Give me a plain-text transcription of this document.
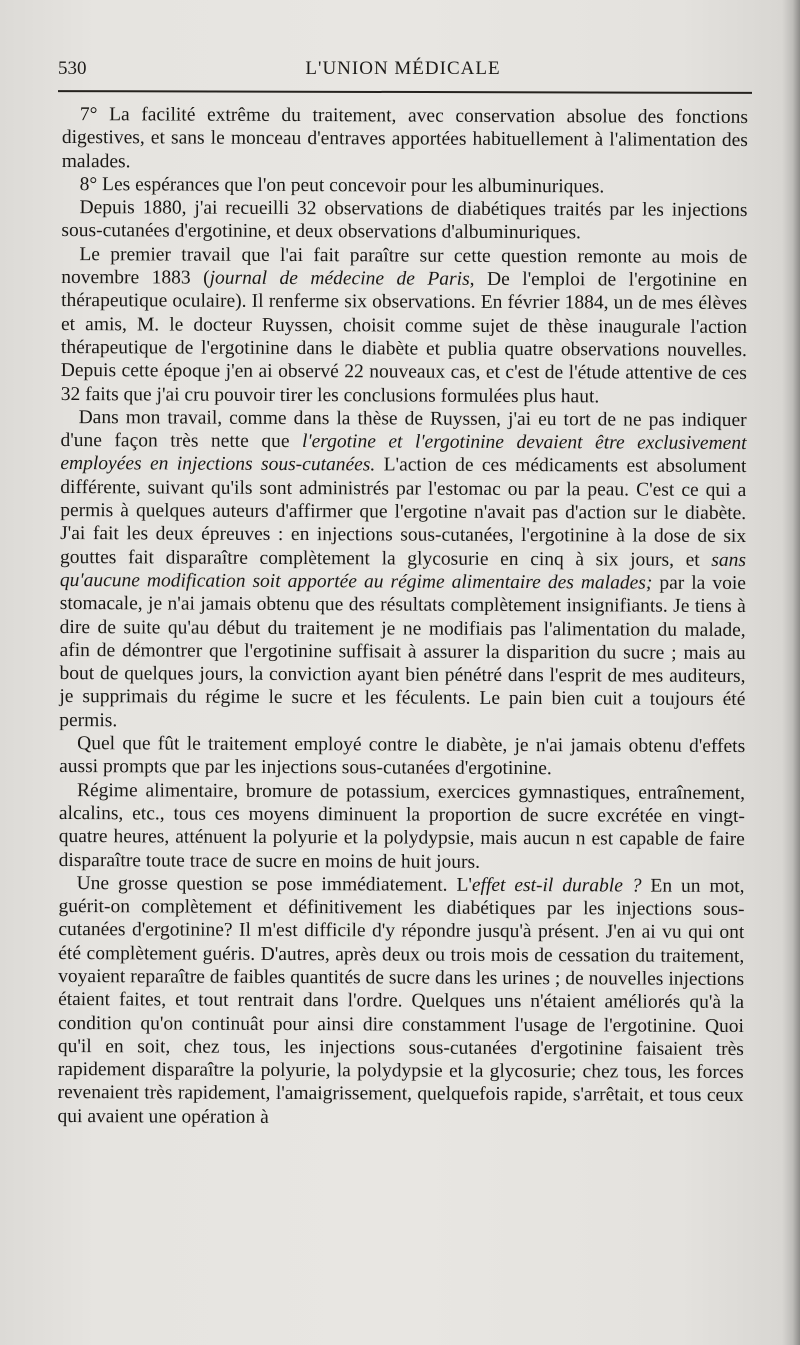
530	L'UNION MÉDICALE

7° La facilité extrême du traitement, avec conservation absolue des fonctions digestives, et sans le monceau d'entraves apportées habituellement à l'alimentation des malades.

8° Les espérances que l'on peut concevoir pour les albuminuriques.

Depuis 1880, j'ai recueilli 32 observations de diabétiques traités par les injections sous-cutanées d'ergotinine, et deux observations d'albuminuriques.

Le premier travail que l'ai fait paraître sur cette question remonte au mois de novembre 1883 (journal de médecine de Paris, De l'emploi de l'ergotinine en thérapeutique oculaire). Il renferme six observations. En février 1884, un de mes élèves et amis, M. le docteur Ruyssen, choisit comme sujet de thèse inaugurale l'action thérapeutique de l'ergotinine dans le diabète et publia quatre observations nouvelles. Depuis cette époque j'en ai observé 22 nouveaux cas, et c'est de l'étude attentive de ces 32 faits que j'ai cru pouvoir tirer les conclusions formulées plus haut.

Dans mon travail, comme dans la thèse de Ruyssen, j'ai eu tort de ne pas indiquer d'une façon très nette que l'ergotine et l'ergotinine devaient être exclusivement employées en injections sous-cutanées. L'action de ces médicaments est absolument différente, suivant qu'ils sont administrés par l'estomac ou par la peau. C'est ce qui a permis à quelques auteurs d'affirmer que l'ergotine n'avait pas d'action sur le diabète. J'ai fait les deux épreuves : en injections sous-cutanées, l'ergotinine à la dose de six gouttes fait disparaître complètement la glycosurie en cinq à six jours, et sans qu'aucune modification soit apportée au régime alimentaire des malades; par la voie stomacale, je n'ai jamais obtenu que des résultats complètement insignifiants. Je tiens à dire de suite qu'au début du traitement je ne modifiais pas l'alimentation du malade, afin de démontrer que l'ergotinine suffisait à assurer la disparition du sucre ; mais au bout de quelques jours, la conviction ayant bien pénétré dans l'esprit de mes auditeurs, je supprimais du régime le sucre et les féculents. Le pain bien cuit a toujours été permis.

Quel que fût le traitement employé contre le diabète, je n'ai jamais obtenu d'effets aussi prompts que par les injections sous-cutanées d'ergotinine.

Régime alimentaire, bromure de potassium, exercices gymnastiques, entraînement, alcalins, etc., tous ces moyens diminuent la proportion de sucre excrétée en vingt-quatre heures, atténuent la polyurie et la polydypsie, mais aucun n est capable de faire disparaître toute trace de sucre en moins de huit jours.

Une grosse question se pose immédiatement. L'effet est-il durable ? En un mot, guérit-on complètement et définitivement les diabétiques par les injections sous-cutanées d'ergotinine? Il m'est difficile d'y répondre jusqu'à présent. J'en ai vu qui ont été complètement guéris. D'autres, après deux ou trois mois de cessation du traitement, voyaient reparaître de faibles quantités de sucre dans les urines ; de nouvelles injections étaient faites, et tout rentrait dans l'ordre. Quelques uns n'étaient améliorés qu'à la condition qu'on continuât pour ainsi dire constamment l'usage de l'ergotinine. Quoi qu'il en soit, chez tous, les injections sous-cutanées d'ergotinine faisaient très rapidement disparaître la polyurie, la polydypsie et la glycosurie; chez tous, les forces revenaient très rapidement, l'amaigrissement, quelquefois rapide, s'arrêtait, et tous ceux qui avaient une opération à
